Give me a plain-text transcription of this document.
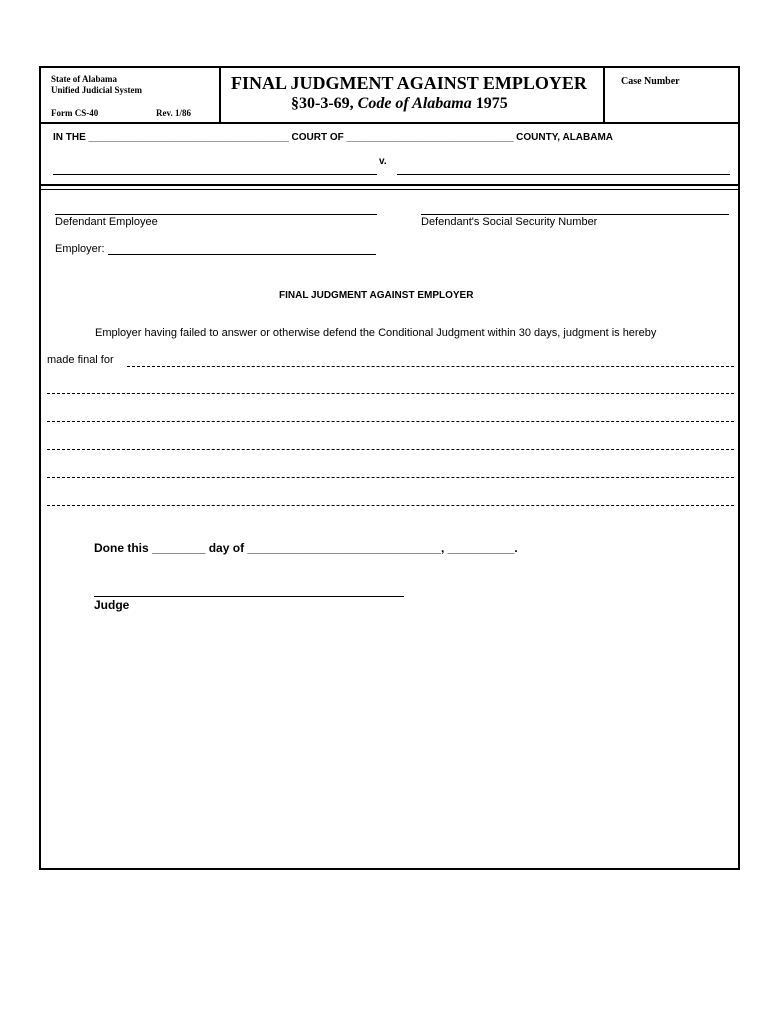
State of Alabama
Unified Judicial System
Form CS-40	Rev. 1/86
FINAL JUDGMENT AGAINST EMPLOYER
§30-3-69, Code of Alabama 1975
Case Number
IN THE ____________________________________ COURT OF ______________________________ COUNTY, ALABAMA
v.
Defendant Employee	Defendant's Social Security Number
Employer:
FINAL JUDGMENT AGAINST EMPLOYER
Employer having failed to answer or otherwise defend the Conditional Judgment within 30 days, judgment is hereby
made final for
Done this ________ day of _____________________________, __________.
Judge
